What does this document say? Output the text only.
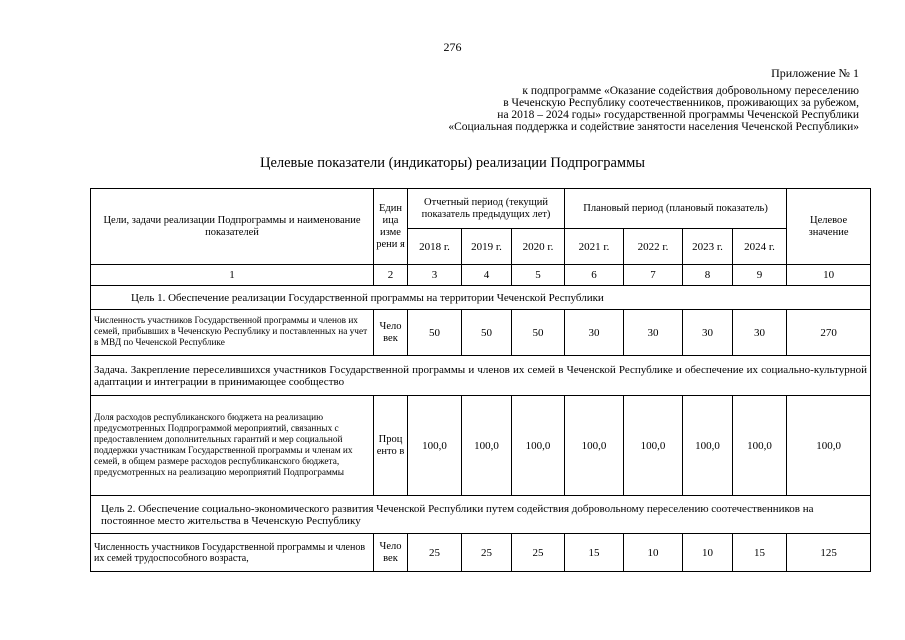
276
Приложение № 1
к подпрограмме «Оказание содействия добровольному переселению
в Чеченскую Республику соотечественников, проживающих за рубежом,
на 2018 – 2024 годы» государственной программы Чеченской Республики
«Социальная поддержка и содействие занятости населения Чеченской Республики»
Целевые показатели (индикаторы) реализации Подпрограммы
Цели, задачи реализации Подпрограммы и наименование показателей	Един ица изме рени я	Отчетный период (текущий показатель предыдущих лет)			Плановый период (плановый показатель)				Целевое значение
		2018 г.	2019 г.	2020 г.	2021 г.	2022 г.	2023 г.	2024 г.	
1	2	3	4	5	6	7	8	9	10
Цель 1. Обеспечение реализации Государственной программы на территории Чеченской Республики									
Численность участников Государственной программы и членов их семей, прибывших в Чеченскую Республику и поставленных на учет в МВД по Чеченской Республике	Чело век	50	50	50	30	30	30	30	270
Задача. Закрепление переселившихся участников Государственной программы и членов их семей в Чеченской Республике и обеспечение их социально-культурной адаптации и интеграции в принимающее сообщество									
Доля расходов республиканского бюджета на реализацию предусмотренных Подпрограммой мероприятий, связанных с предоставлением дополнительных гарантий и мер социальной поддержки участникам Государственной программы и членам их семей, в общем размере расходов республиканского бюджета, предусмотренных на реализацию мероприятий Подпрограммы	Проц енто в	100,0	100,0	100,0	100,0	100,0	100,0	100,0	100,0
Цель 2. Обеспечение социально-экономического развития Чеченской Республики путем содействия добровольному переселению соотечественников на постоянное место жительства в Чеченскую Республику									
Численность участников Государственной программы и членов их семей трудоспособного возраста,	Чело век	25	25	25	15	10	10	15	125
